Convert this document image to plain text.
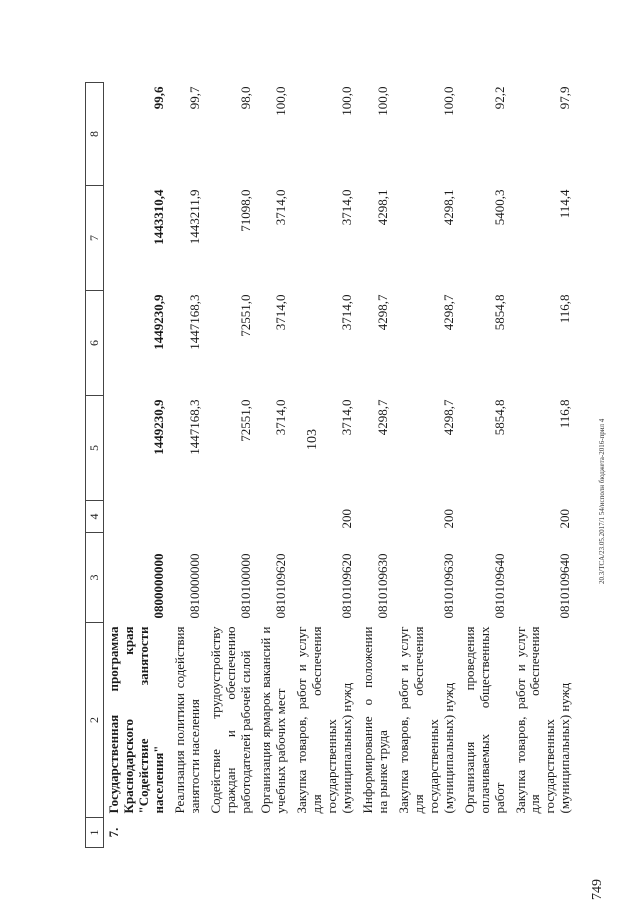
103
749
20.3/TCA/23.05.2017/1 54/исполн бюджета-2016-прил 4
1	2	3	4	5	6	7	8
7.	Государственная программа Краснодарского края "Содействие занятости населения"	0800000000		1449230,9	1449230,9	1443310,4	99,6
	Реализация политики содействия занятости населения	0810000000		1447168,3	1447168,3	1443211,9	99,7
	Содействие трудоустройству граждан и обеспечению работодателей рабочей силой	0810100000		72551,0	72551,0	71098,0	98,0
	Организация ярмарок вакансий и учебных рабочих мест	0810109620		3714,0	3714,0	3714,0	100,0
	Закупка товаров, работ и услуг для обеспечения государственных (муниципальных) нужд	0810109620	200	3714,0	3714,0	3714,0	100,0
	Информирование о положении на рынке труда	0810109630		4298,7	4298,7	4298,1	100,0
	Закупка товаров, работ и услуг для обеспечения государственных (муниципальных) нужд	0810109630	200	4298,7	4298,7	4298,1	100,0
	Организация проведения оплачиваемых общественных работ	0810109640		5854,8	5854,8	5400,3	92,2
	Закупка товаров, работ и услуг для обеспечения государственных (муниципальных) нужд	0810109640	200	116,8	116,8	114,4	97,9
